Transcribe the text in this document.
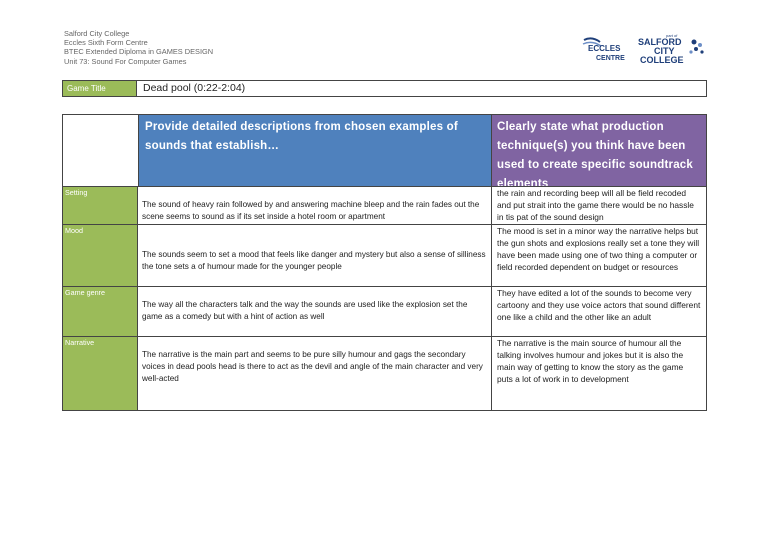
Salford City College
Eccles Sixth Form Centre
BTEC Extended Diploma in GAMES DESIGN
Unit 73: Sound For Computer Games
ECCLES
CENTRE
part of
SALFORD
CITY
COLLEGE
Game Title	Dead pool (0:22-2:04)
Provide detailed descriptions from chosen examples of sounds that establish…
Clearly state what production technique(s) you think have been used to create specific soundtrack elements
Setting
The sound of heavy rain followed by and answering machine bleep and the rain fades out the scene seems to sound as if its set inside a hotel room or apartment
the rain and recording beep will all be field recoded and put strait into the game there would be no hassle in tis pat of the sound design
Mood
The sounds seem to set a mood that feels like danger and mystery but also a sense of silliness the tone sets a of humour made for the younger people
The mood is set in a minor way the narrative helps but the gun shots and explosions really set a tone they will have been made using one of two thing a computer or field recorded dependent on budget or resources
Game genre
The way all the characters talk and the way the sounds are used like the explosion set the game as a comedy but with a hint of action as well
They have edited a lot of the sounds to become very cartoony and they use voice actors that sound different one like a child and the other like an adult
Narrative
The narrative is the main part and seems to be pure silly humour and gags the secondary voices in dead pools head is there to act as the devil and angle of the main character and very well-acted
The narrative is the main source of humour all the talking involves humour and jokes but it is also the main way of getting to know the story as the game puts a lot of work in to development
